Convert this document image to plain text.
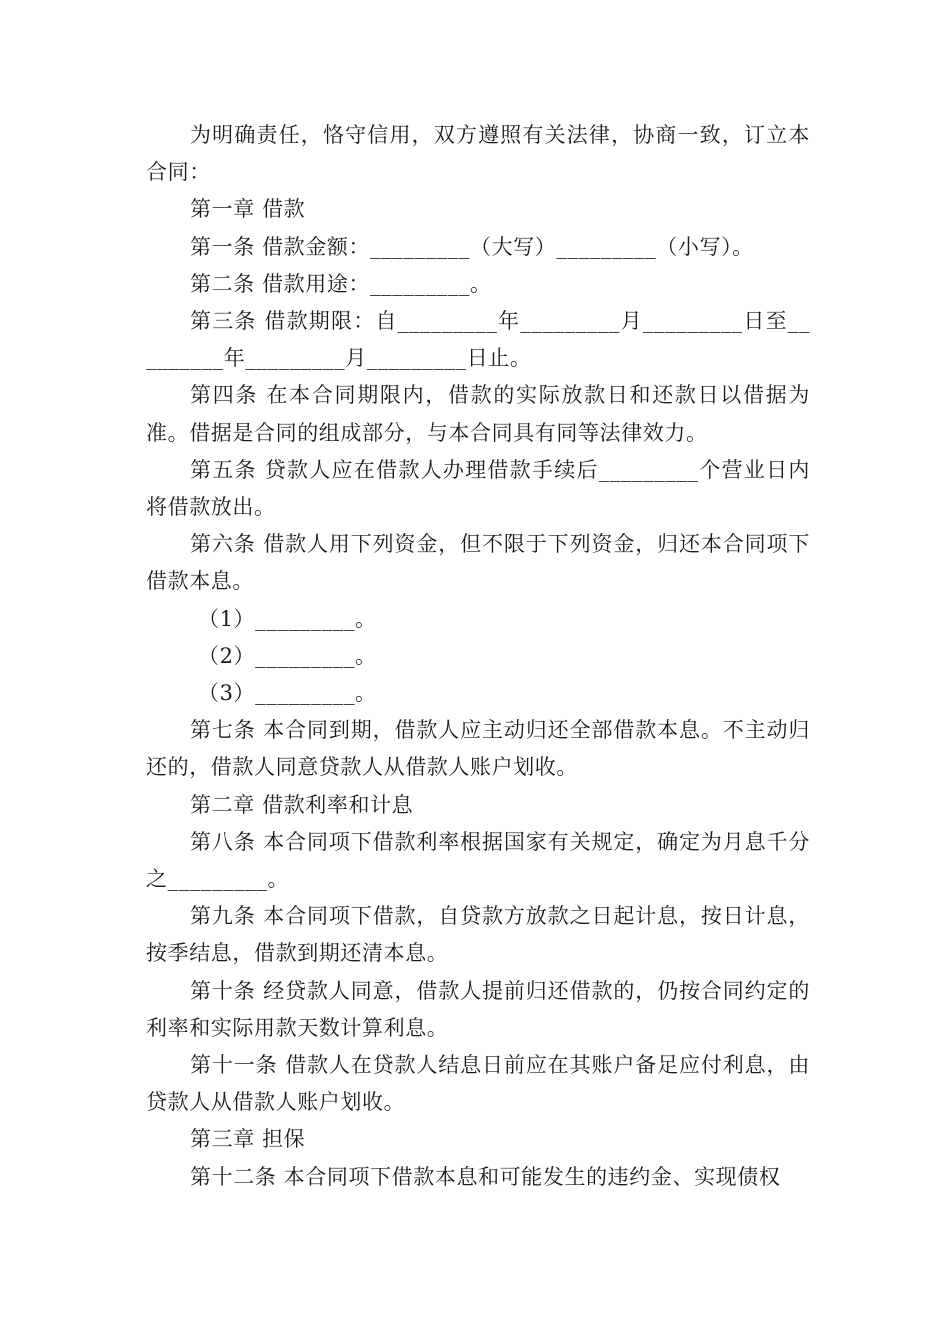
为明确责任，恪守信用，双方遵照有关法律，协商一致，订立本合同：

第一章 借款

第一条 借款金额：_________（大写）_________（小写）。

第二条 借款用途：_________。

第三条 借款期限：自_________年_________月_________日至_________年_________月_________日止。

第四条 在本合同期限内，借款的实际放款日和还款日以借据为准。借据是合同的组成部分，与本合同具有同等法律效力。

第五条 贷款人应在借款人办理借款手续后_________个营业日内将借款放出。

第六条 借款人用下列资金，但不限于下列资金，归还本合同项下借款本息。

（1）_________。

（2）_________。

（3）_________。

第七条 本合同到期，借款人应主动归还全部借款本息。不主动归还的，借款人同意贷款人从借款人账户划收。

第二章 借款利率和计息

第八条 本合同项下借款利率根据国家有关规定，确定为月息千分之_________。

第九条 本合同项下借款，自贷款方放款之日起计息，按日计息，按季结息，借款到期还清本息。

第十条 经贷款人同意，借款人提前归还借款的，仍按合同约定的利率和实际用款天数计算利息。

第十一条 借款人在贷款人结息日前应在其账户备足应付利息，由贷款人从借款人账户划收。

第三章 担保

第十二条 本合同项下借款本息和可能发生的违约金、实现债权
